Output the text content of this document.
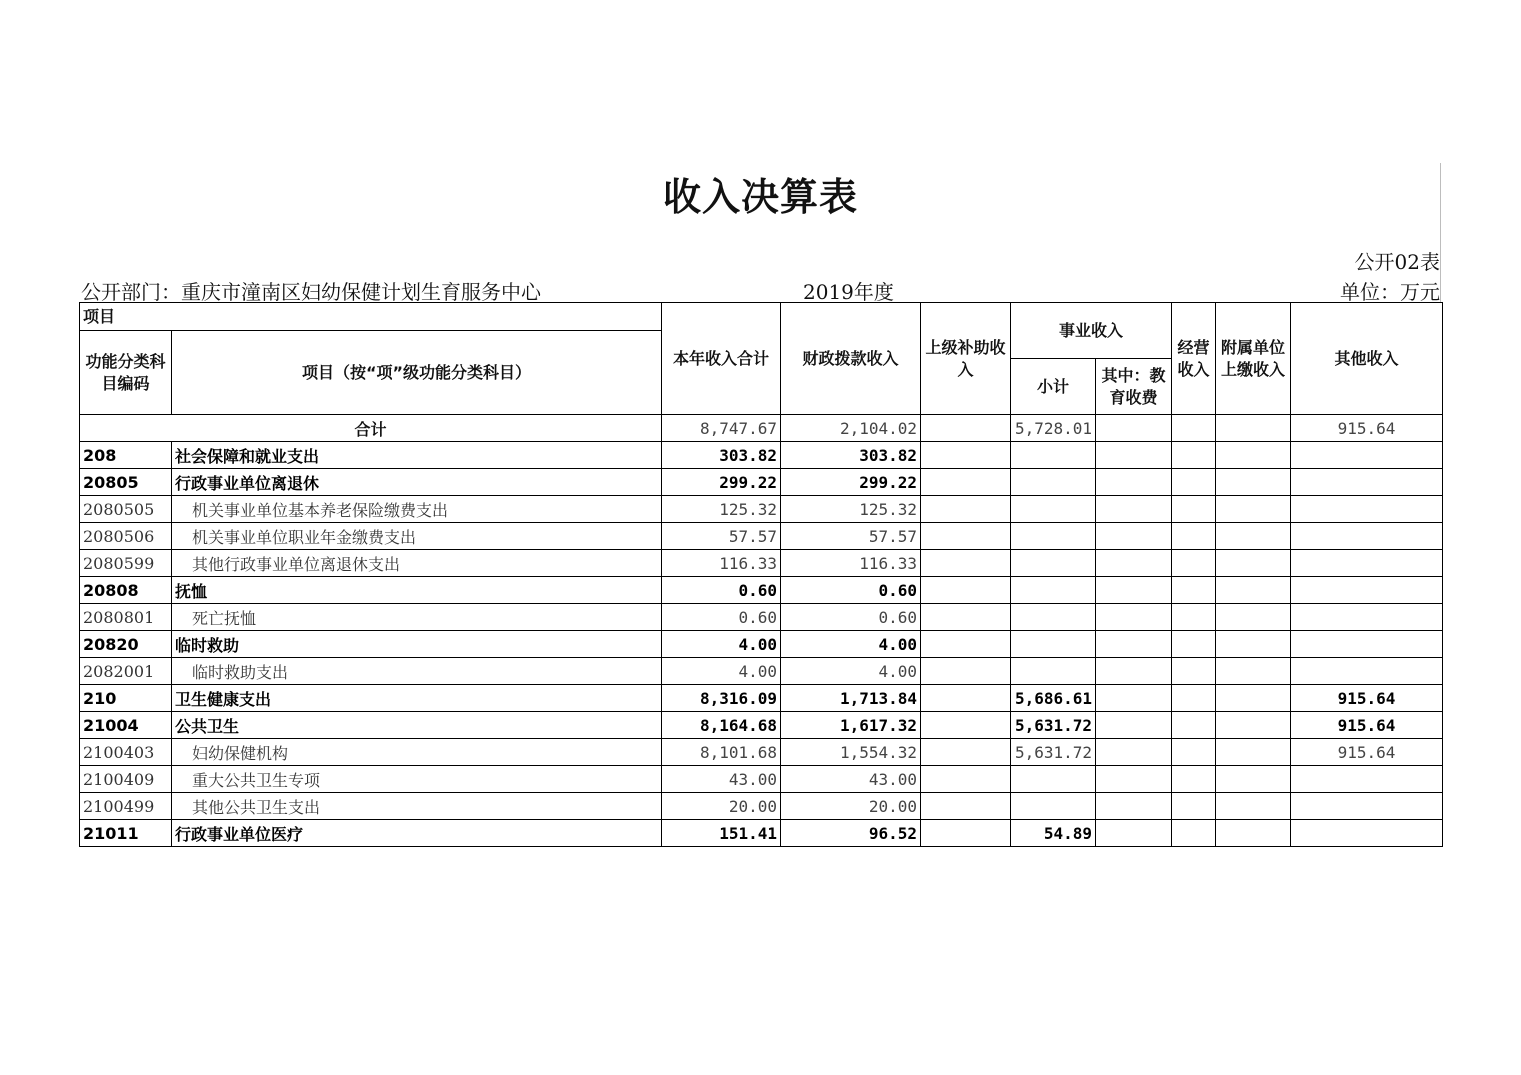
收入决算表
公开02表
公开部门：重庆市潼南区妇幼保健计划生育服务中心	2019年度	单位：万元
项目		本年收入合计	财政拨款收入	上级补助收入	事业收入		经营收入	附属单位上缴收入	其他收入
功能分类科目编码	项目（按“项”级功能分类科目）								
					小计	其中：教育收费			
合计		8,747.67	2,104.02		5,728.01				915.64
208	社会保障和就业支出	303.82	303.82						
20805	行政事业单位离退休	299.22	299.22						
2080505	机关事业单位基本养老保险缴费支出	125.32	125.32						
2080506	机关事业单位职业年金缴费支出	57.57	57.57						
2080599	其他行政事业单位离退休支出	116.33	116.33						
20808	抚恤	0.60	0.60						
2080801	死亡抚恤	0.60	0.60						
20820	临时救助	4.00	4.00						
2082001	临时救助支出	4.00	4.00						
210	卫生健康支出	8,316.09	1,713.84		5,686.61				915.64
21004	公共卫生	8,164.68	1,617.32		5,631.72				915.64
2100403	妇幼保健机构	8,101.68	1,554.32		5,631.72				915.64
2100409	重大公共卫生专项	43.00	43.00						
2100499	其他公共卫生支出	20.00	20.00						
21011	行政事业单位医疗	151.41	96.52		54.89				
